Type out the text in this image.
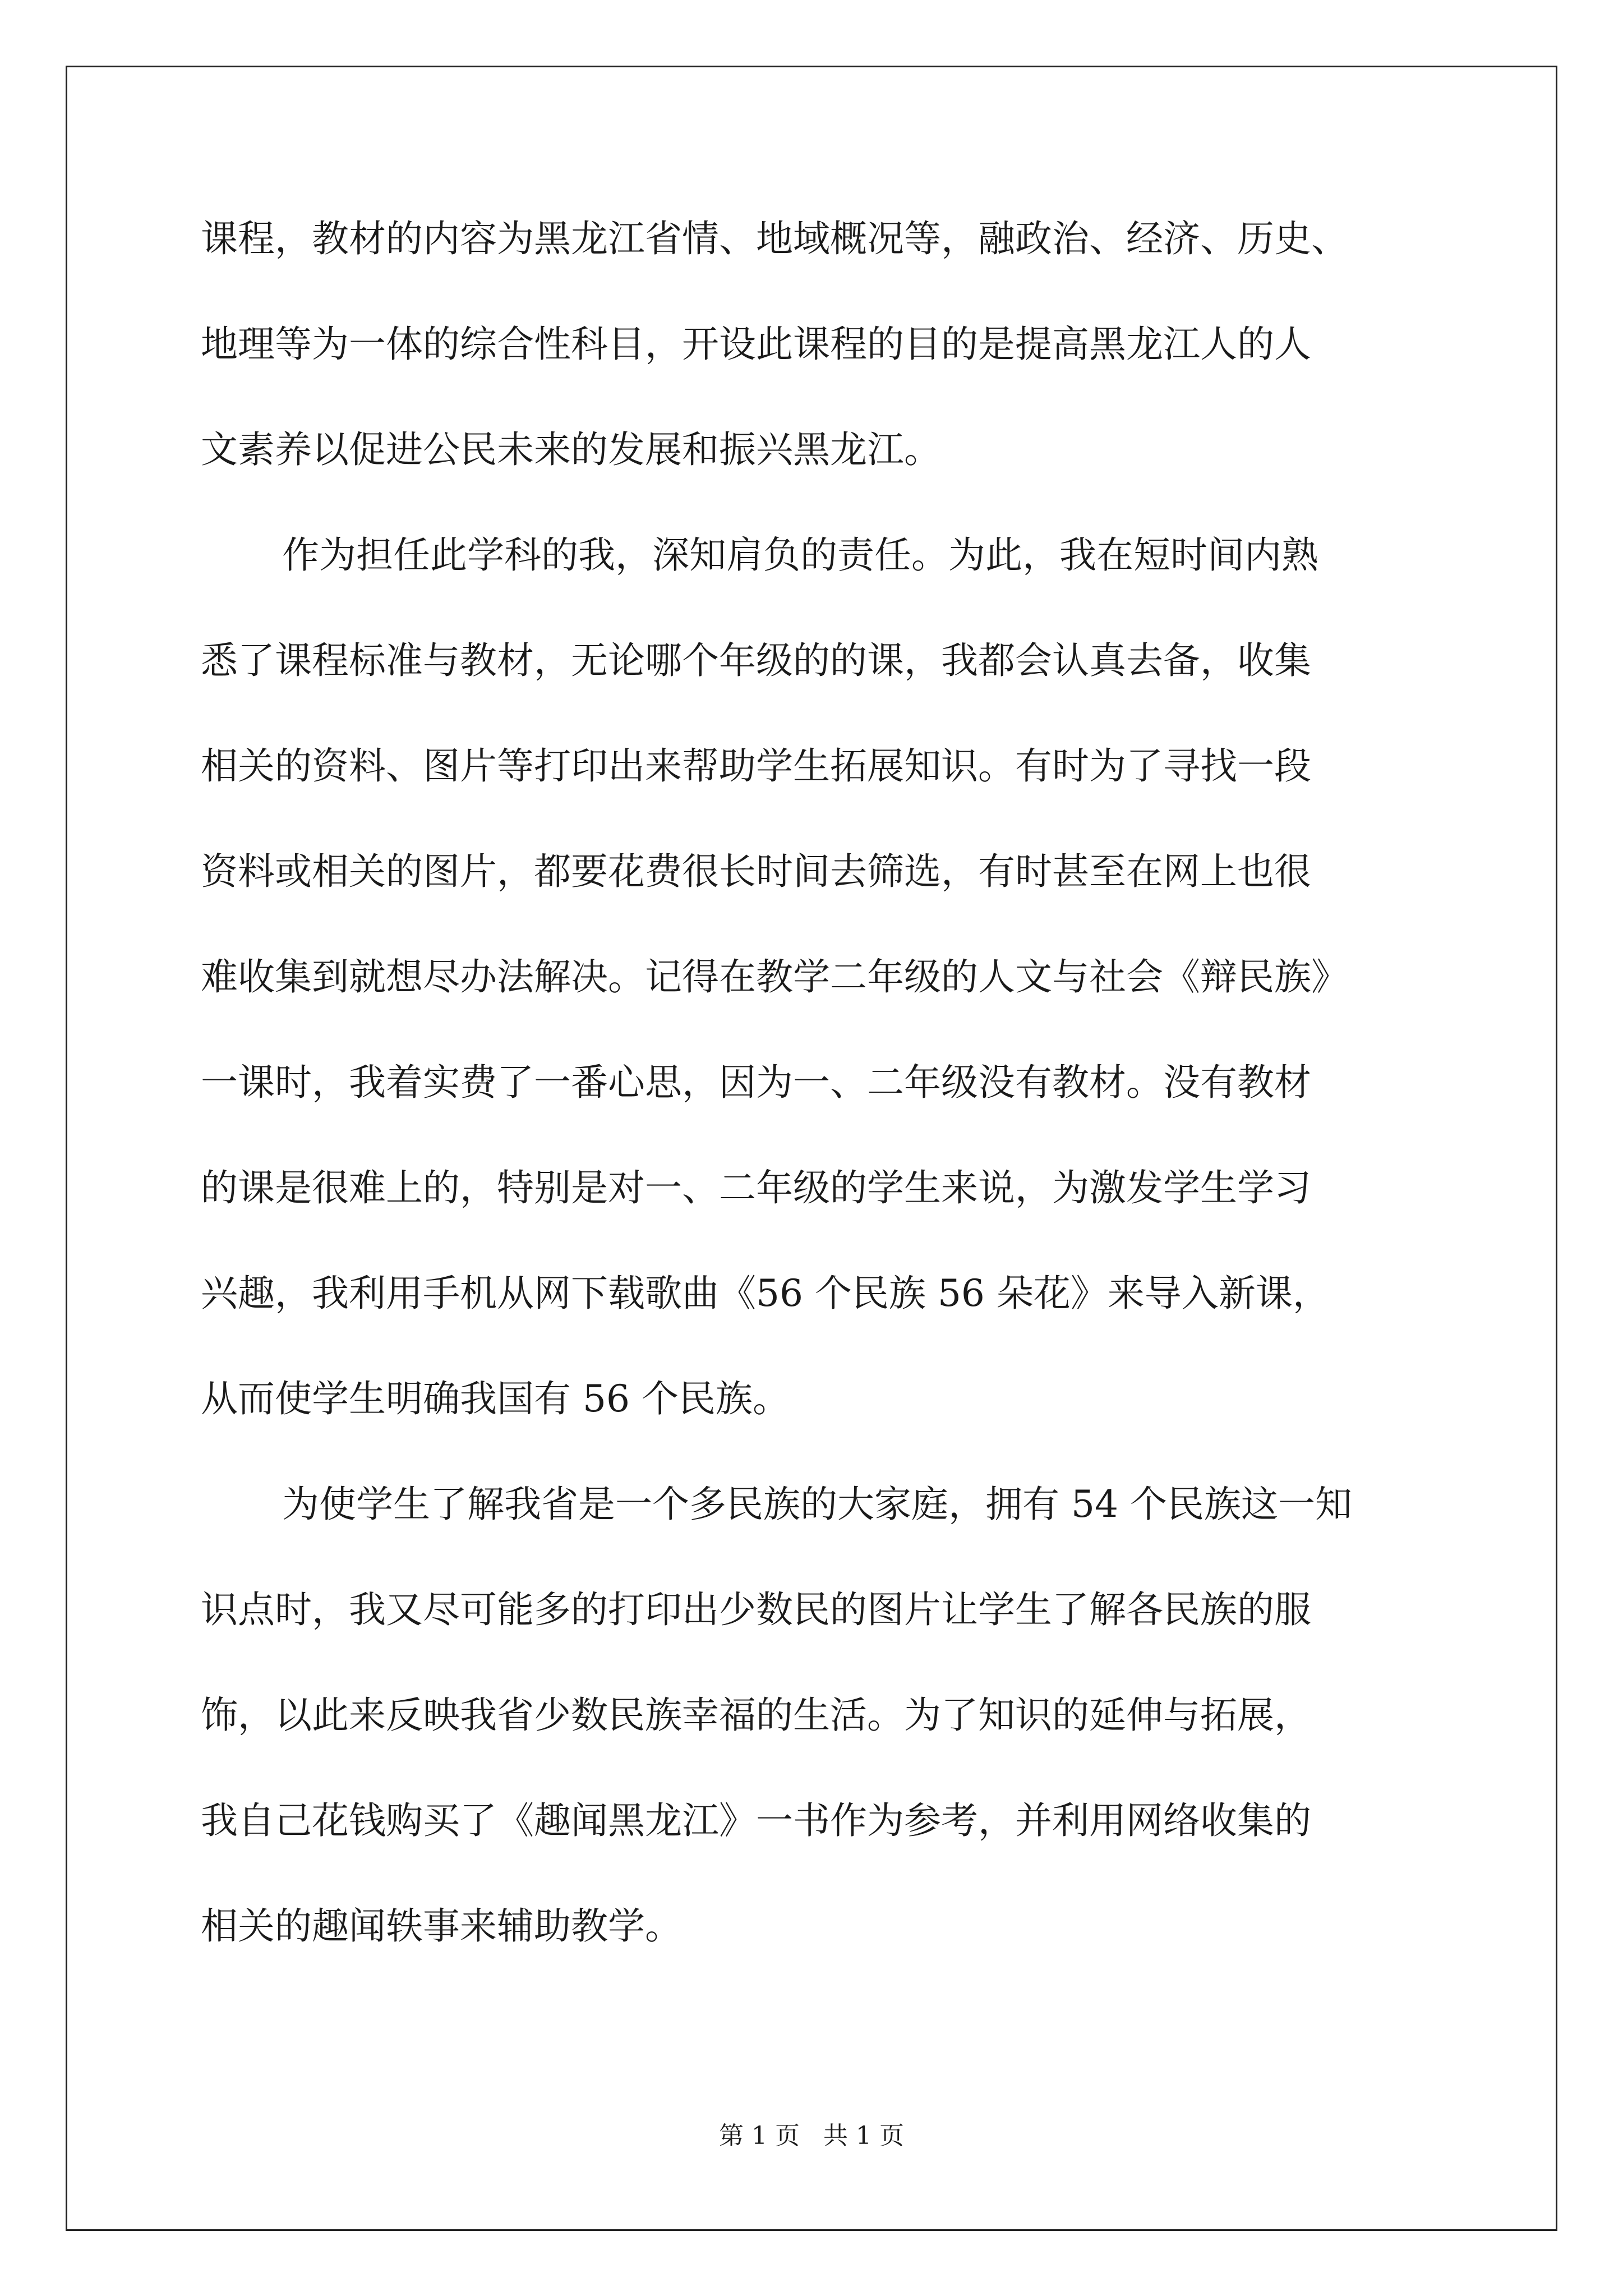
课程，教材的内容为黑龙江省情、地域概况等，融政治、经济、历史、

地理等为一体的综合性科目，开设此课程的目的是提高黑龙江人的人

文素养以促进公民未来的发展和振兴黑龙江。

作为担任此学科的我，深知肩负的责任。为此，我在短时间内熟

悉了课程标准与教材，无论哪个年级的的课，我都会认真去备，收集

相关的资料、图片等打印出来帮助学生拓展知识。有时为了寻找一段

资料或相关的图片，都要花费很长时间去筛选，有时甚至在网上也很

难收集到就想尽办法解决。记得在教学二年级的人文与社会《辩民族》

一课时，我着实费了一番心思，因为一、二年级没有教材。没有教材

的课是很难上的，特别是对一、二年级的学生来说，为激发学生学习

兴趣，我利用手机从网下载歌曲《56 个民族 56 朵花》来导入新课，

从而使学生明确我国有 56 个民族。

为使学生了解我省是一个多民族的大家庭，拥有 54 个民族这一知

识点时，我又尽可能多的打印出少数民的图片让学生了解各民族的服

饰，以此来反映我省少数民族幸福的生活。为了知识的延伸与拓展，

我自己花钱购买了《趣闻黑龙江》一书作为参考，并利用网络收集的

相关的趣闻轶事来辅助教学。

第 1 页   共 1 页
